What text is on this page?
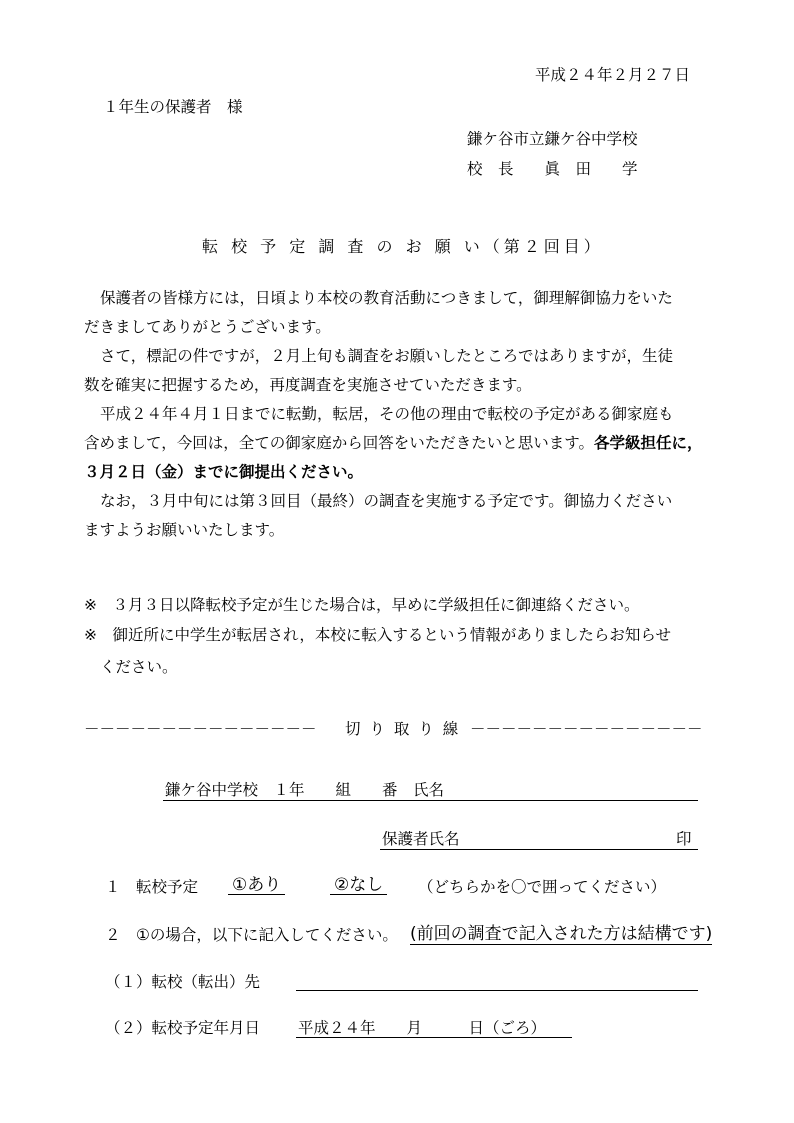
平成２４年２月２７日
１年生の保護者　様
鎌ケ谷市立鎌ケ谷中学校
校　長　　眞　田　　学
転 校 予 定 調 査 の お 願 い（第２回目）
保護者の皆様方には，日頃より本校の教育活動につきまして，御理解御協力をいた
だきましてありがとうございます。
さて，標記の件ですが，２月上旬も調査をお願いしたところではありますが，生徒
数を確実に把握するため，再度調査を実施させていただきます。
平成２４年４月１日までに転勤，転居，その他の理由で転校の予定がある御家庭も
含めまして，今回は，全ての御家庭から回答をいただきたいと思います。各学級担任に，
３月２日（金）までに御提出ください。
なお，３月中旬には第３回目（最終）の調査を実施する予定です。御協力ください
ますようお願いいたします。
※　３月３日以降転校予定が生じた場合は，早めに学級担任に御連絡ください。
※　御近所に中学生が転居され，本校に転入するという情報がありましたらお知らせ
ください。
－－－－－－－－－－－－－－－ 切 り 取 り 線 －－－－－－－－－－－－－－－
鎌ケ谷中学校　１年　　組　　番　氏名
保護者氏名	印
１　転校予定 ①あり	②なし （どちらかを〇で囲ってください）
２　①の場合，以下に記入してください。 (前回の調査で記入された方は結構です)
（１）転校（転出）先
（２）転校予定年月日 平成２４年　　月　　　日（ごろ）
